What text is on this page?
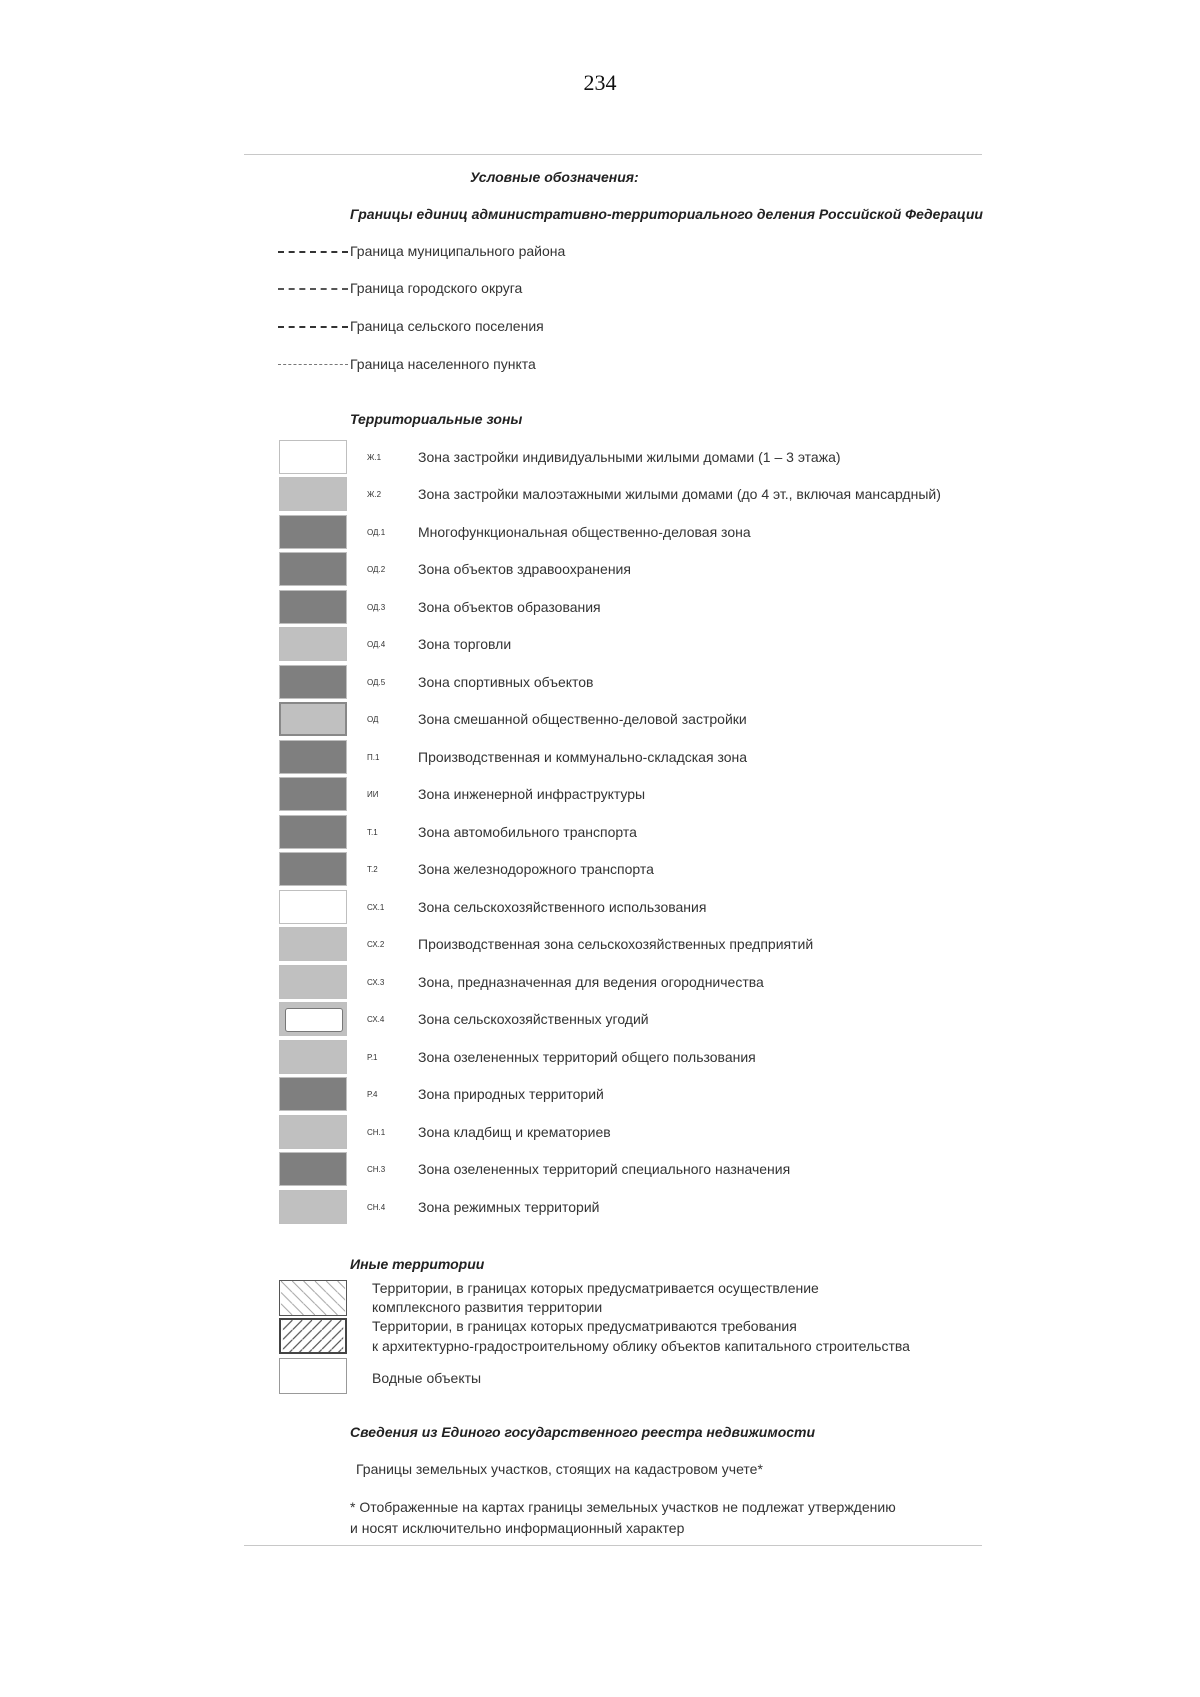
234
Условные обозначения:
Границы единиц административно-территориального деления Российской Федерации
Граница муниципального района
Граница городского округа
Граница сельского поселения
Граница населенного пункта
Территориальные зоны
Ж.1	Зона застройки индивидуальными жилыми домами (1 – 3 этажа)
Ж.2	Зона застройки малоэтажными жилыми домами (до 4 эт., включая мансардный)
ОД.1	Многофункциональная общественно-деловая зона
ОД.2	Зона объектов здравоохранения
ОД.3	Зона объектов образования
ОД.4	Зона торговли
ОД.5	Зона спортивных объектов
ОД	Зона смешанной общественно-деловой застройки
П.1	Производственная и коммунально-складская зона
ИИ	Зона инженерной инфраструктуры
Т.1	Зона автомобильного транспорта
Т.2	Зона железнодорожного транспорта
СХ.1	Зона сельскохозяйственного использования
СХ.2	Производственная зона сельскохозяйственных предприятий
СХ.3	Зона, предназначенная для ведения огородничества
СХ.4	Зона сельскохозяйственных угодий
Р.1	Зона озелененных территорий общего пользования
Р.4	Зона природных территорий
СН.1	Зона кладбищ и крематориев
СН.3	Зона озелененных территорий специального назначения
СН.4	Зона режимных территорий
Иные территории
Территории, в границах которых предусматривается осуществление
комплексного развития территории
Территории, в границах которых предусматриваются требования
к архитектурно-градостроительному облику объектов капитального строительства
Водные объекты
Сведения из Единого государственного реестра недвижимости
Границы земельных участков, стоящих на кадастровом учете*
* Отображенные на картах границы земельных участков не подлежат утверждению
и носят исключительно информационный характер
